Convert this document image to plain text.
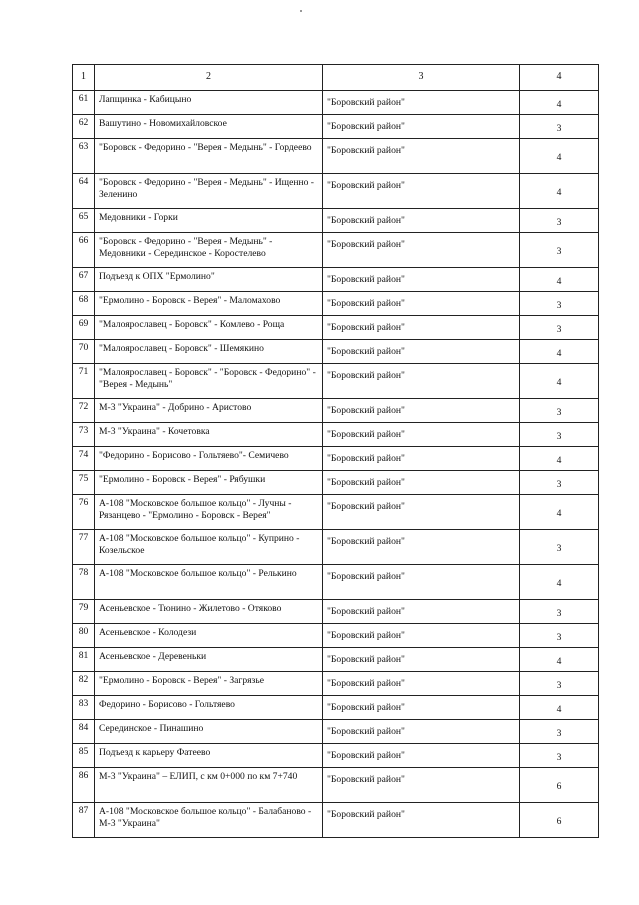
1	2	3	4
61	Лапщинка - Кабицыно	"Боровский район"	4
62	Вашутино - Новомихайловское	"Боровский район"	3
63	"Боровск - Федорино - "Верея - Медынь" - Гордеево	"Боровский район"	4
64	"Боровск - Федорино - "Верея - Медынь" - Ищенно - Зеленино	"Боровский район"	4
65	Медовники - Горки	"Боровский район"	3
66	"Боровск - Федорино - "Верея - Медынь" - Медовники - Серединское - Коростелево	"Боровский район"	3
67	Подъезд к ОПХ "Ермолино"	"Боровский район"	4
68	"Ермолино - Боровск - Верея" - Маломахово	"Боровский район"	3
69	"Малоярославец - Боровск" - Комлево - Роща	"Боровский район"	3
70	"Малоярославец - Боровск" - Шемякино	"Боровский район"	4
71	"Малоярославец - Боровск" - "Боровск - Федорино" - "Верея - Медынь"	"Боровский район"	4
72	М-3 "Украина" - Добрино - Аристово	"Боровский район"	3
73	М-3 "Украина" - Кочетовка	"Боровский район"	3
74	"Федорино - Борисово - Гольтяево"- Семичево	"Боровский район"	4
75	"Ермолино - Боровск - Верея" - Рябушки	"Боровский район"	3
76	А-108 "Московское большое кольцо" - Лучны - Рязанцево - "Ермолино - Боровск - Верея"	"Боровский район"	4
77	А-108 "Московское большое кольцо" - Куприно - Козельское	"Боровский район"	3
78	А-108 "Московское большое кольцо" - Релькино	"Боровский район"	4
79	Асеньевское - Тюнино - Жилетово - Отяково	"Боровский район"	3
80	Асеньевское - Колодези	"Боровский район"	3
81	Асеньевское - Деревеньки	"Боровский район"	4
82	"Ермолино - Боровск - Верея" - Загрязье	"Боровский район"	3
83	Федорино - Борисово - Гольтяево	"Боровский район"	4
84	Серединское - Пинашино	"Боровский район"	3
85	Подъезд к карьеру Фатеево	"Боровский район"	3
86	М-3 "Украина" – ЕЛИП, с км 0+000 по км 7+740	"Боровский район"	6
87	А-108 "Московское большое кольцо" - Балабаново - М-3 "Украина"	"Боровский район"	6
